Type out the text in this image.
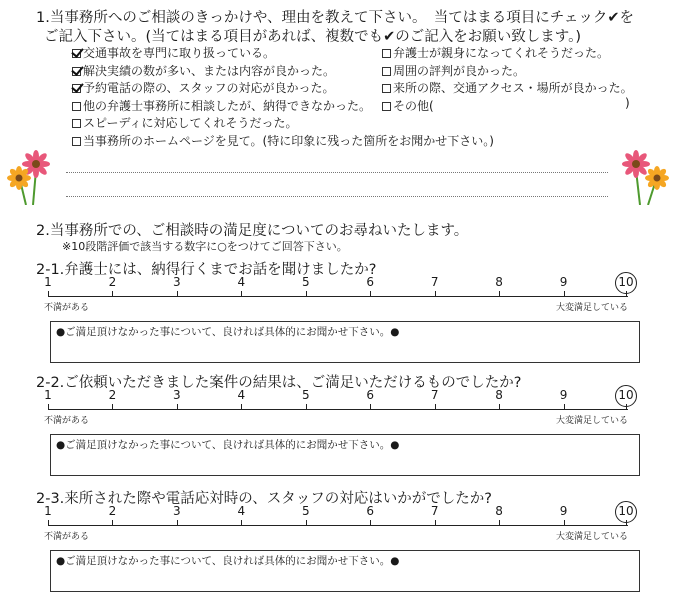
1.当事務所へのご相談のきっかけや、理由を教えて下さい。　当てはまる項目にチェック✔を
ご記入下さい。(当てはまる項目があれば、複数でも✔のご記入をお願い致します。)
交通事故を専門に取り扱っている。
解決実績の数が多い、または内容が良かった。
予約電話の際の、スタッフの対応が良かった。
他の弁護士事務所に相談したが、納得できなかった。
スピーディに対応してくれそうだった。
当事務所のホームページを見て。(特に印象に残った箇所をお聞かせ下さい。)
弁護士が親身になってくれそうだった。
周囲の評判が良かった。
来所の際、交通アクセス・場所が良かった。
その他(	)
2.当事務所での、ご相談時の満足度についてのお尋ねいたします。
※10段階評価で該当する数字に○をつけてご回答下さい。
2-1.弁護士には、納得行くまでお話を聞けましたか?
1	2	3	4	5	6	7	8	9	10
不満がある	大変満足している
●ご満足頂けなかった事について、良ければ具体的にお聞かせ下さい。●
2-2.ご依頼いただきました案件の結果は、ご満足いただけるものでしたか?
1	2	3	4	5	6	7	8	9	10
不満がある	大変満足している
●ご満足頂けなかった事について、良ければ具体的にお聞かせ下さい。●
2-3.来所された際や電話応対時の、スタッフの対応はいかがでしたか?
1	2	3	4	5	6	7	8	9	10
不満がある	大変満足している
●ご満足頂けなかった事について、良ければ具体的にお聞かせ下さい。●
